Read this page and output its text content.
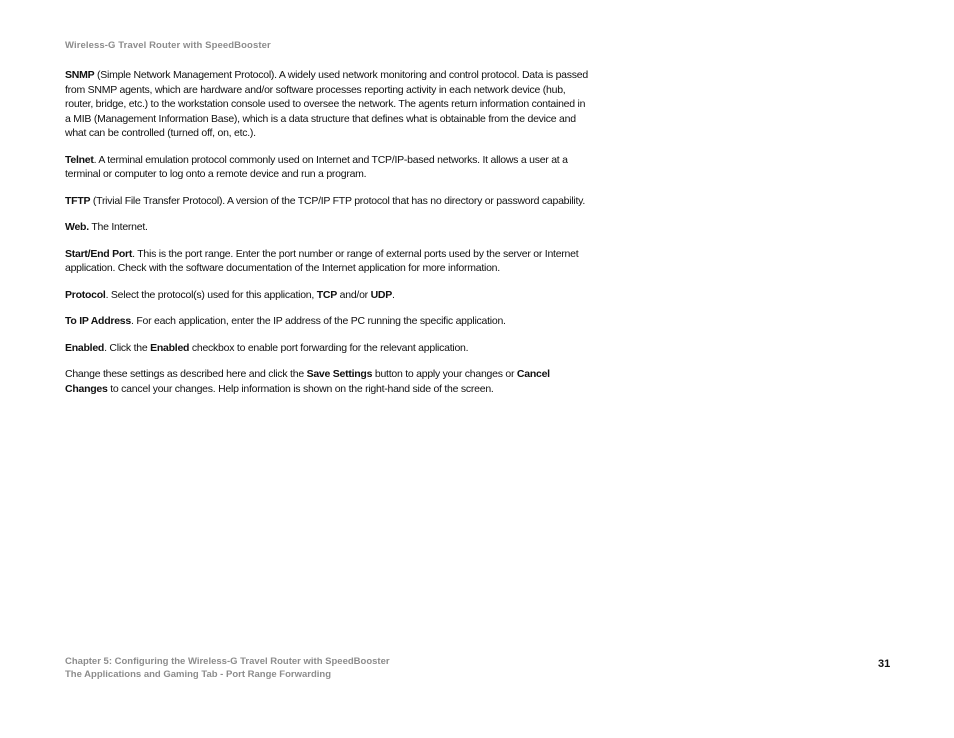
Wireless-G Travel Router with SpeedBooster

SNMP (Simple Network Management Protocol). A widely used network monitoring and control protocol. Data is passed from SNMP agents, which are hardware and/or software processes reporting activity in each network device (hub, router, bridge, etc.) to the workstation console used to oversee the network. The agents return information contained in a MIB (Management Information Base), which is a data structure that defines what is obtainable from the device and what can be controlled (turned off, on, etc.).

Telnet. A terminal emulation protocol commonly used on Internet and TCP/IP-based networks. It allows a user at a terminal or computer to log onto a remote device and run a program.

TFTP (Trivial File Transfer Protocol). A version of the TCP/IP FTP protocol that has no directory or password capability.

Web. The Internet.

Start/End Port. This is the port range. Enter the port number or range of external ports used by the server or Internet application. Check with the software documentation of the Internet application for more information.

Protocol. Select the protocol(s) used for this application, TCP and/or UDP.

To IP Address. For each application, enter the IP address of the PC running the specific application.

Enabled. Click the Enabled checkbox to enable port forwarding for the relevant application.

Change these settings as described here and click the Save Settings button to apply your changes or Cancel Changes to cancel your changes. Help information is shown on the right-hand side of the screen.

Chapter 5: Configuring the Wireless-G Travel Router with SpeedBooster
The Applications and Gaming Tab - Port Range Forwarding
31
